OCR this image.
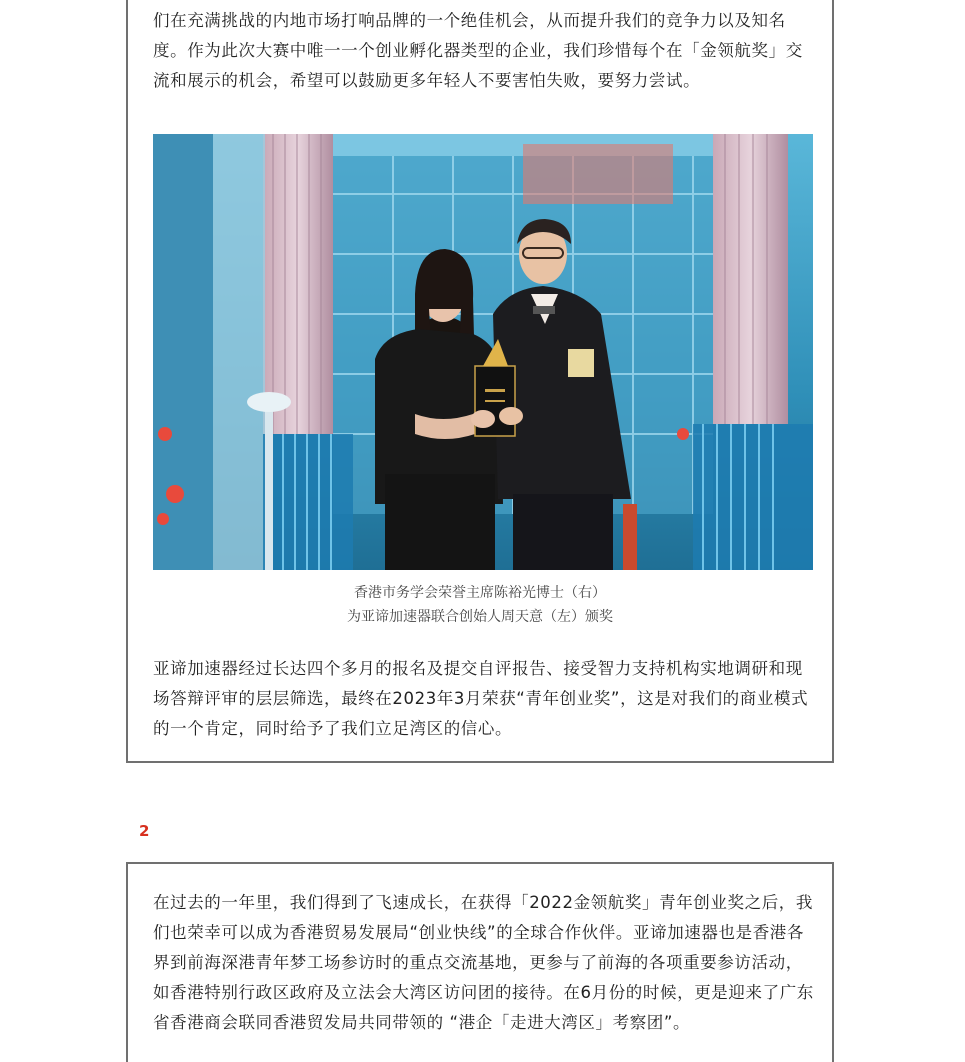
们在充满挑战的内地市场打响品牌的一个绝佳机会，从而提升我们的竞争力以及知名度。作为此次大赛中唯一一个创业孵化器类型的企业，我们珍惜每个在「金领航奖」交流和展示的机会，希望可以鼓励更多年轻人不要害怕失败，要努力尝试。

香港市务学会荣誉主席陈裕光博士（右）
为亚谛加速器联合创始人周天意（左）颁奖

亚谛加速器经过长达四个多月的报名及提交自评报告、接受智力支持机构实地调研和现场答辩评审的层层筛选，最终在2023年3月荣获“青年创业奖”，这是对我们的商业模式的一个肯定，同时给予了我们立足湾区的信心。

2

在过去的一年里，我们得到了飞速成长，在获得「2022金领航奖」青年创业奖之后，我们也荣幸可以成为香港贸易发展局“创业快线”的全球合作伙伴。亚谛加速器也是香港各界到前海深港青年梦工场参访时的重点交流基地，更参与了前海的各项重要参访活动，如香港特别行政区政府及立法会大湾区访问团的接待。在6月份的时候，更是迎来了广东省香港商会联同香港贸发局共同带领的 “港企「走进大湾区」考察团”。
